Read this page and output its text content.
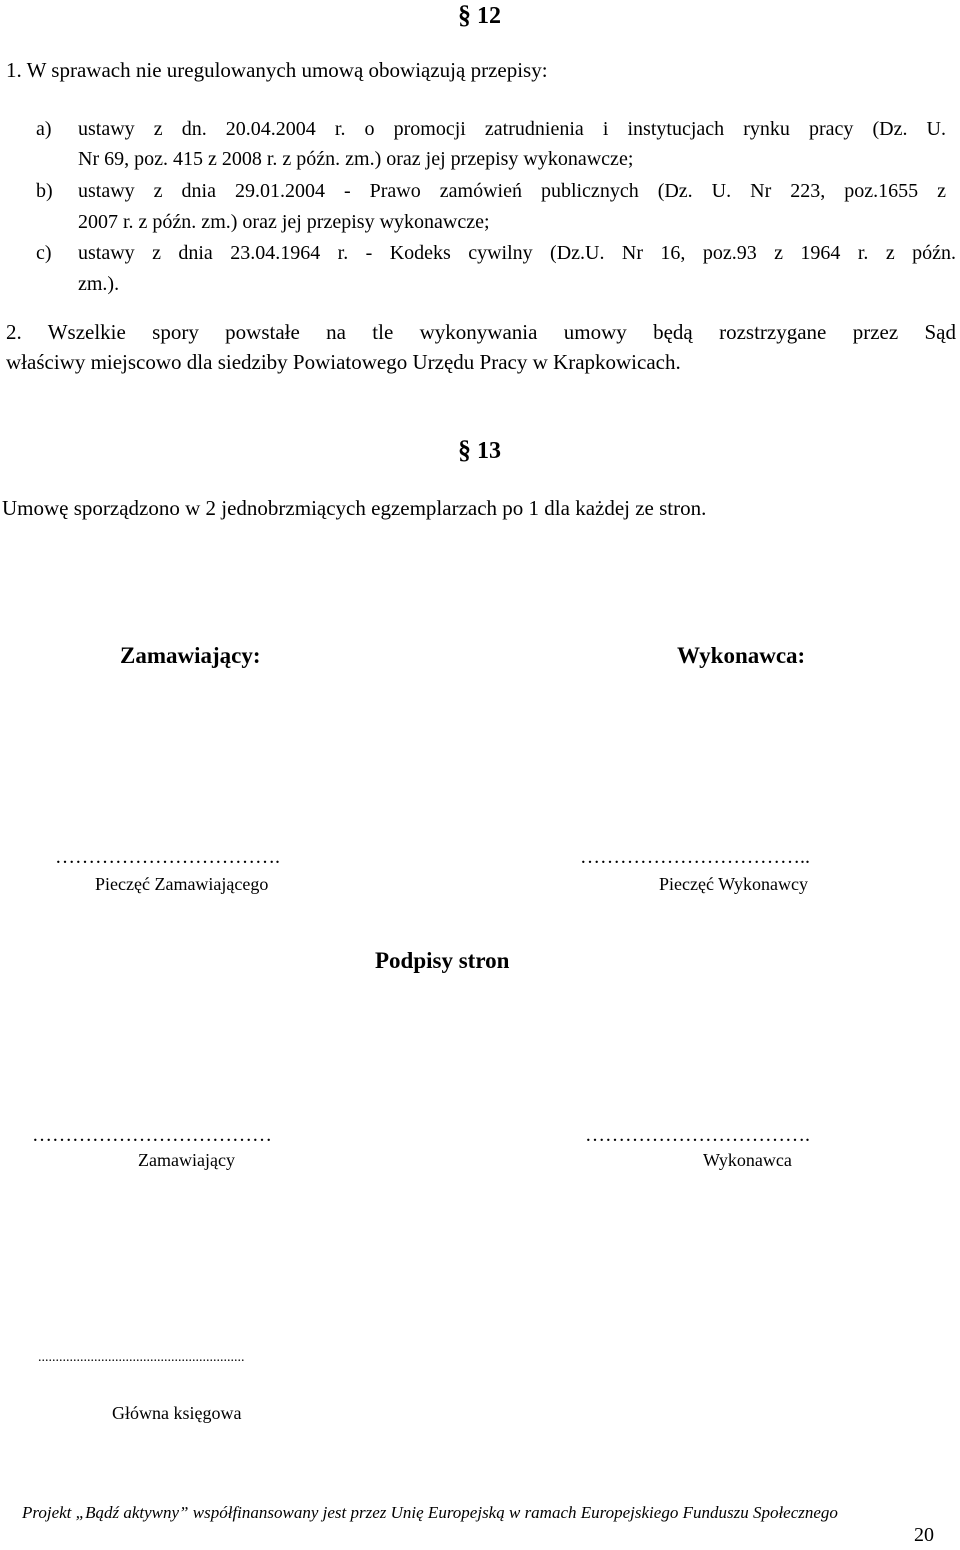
§ 12
1. W sprawach nie uregulowanych umową obowiązują przepisy:
a) ustawy z dn. 20.04.2004 r. o promocji zatrudnienia i instytucjach rynku pracy (Dz. U.
Nr 69, poz. 415 z 2008 r. z późn. zm.) oraz jej przepisy wykonawcze;
b) ustawy z dnia 29.01.2004 - Prawo zamówień publicznych (Dz. U. Nr 223, poz.1655 z
2007 r. z późn. zm.) oraz jej przepisy wykonawcze;
c) ustawy z dnia 23.04.1964 r. - Kodeks cywilny (Dz.U. Nr 16, poz.93 z 1964 r. z późn.
zm.).
2. Wszelkie spory powstałe na tle wykonywania umowy będą rozstrzygane przez Sąd
właściwy miejscowo dla siedziby Powiatowego Urzędu Pracy w Krapkowicach.
§ 13
Umowę sporządzono w 2 jednobrzmiących egzemplarzach po 1 dla każdej ze stron.
Zamawiający:	Wykonawca:
…………………………….
Pieczęć Zamawiającego
……………………………..
Pieczęć Wykonawcy
Podpisy stron
………………………………
Zamawiający
…………………………….
Wykonawca
...........................................................
Główna księgowa
Projekt „Bądź aktywny” współfinansowany jest przez Unię Europejską w ramach Europejskiego Funduszu Społecznego
20
